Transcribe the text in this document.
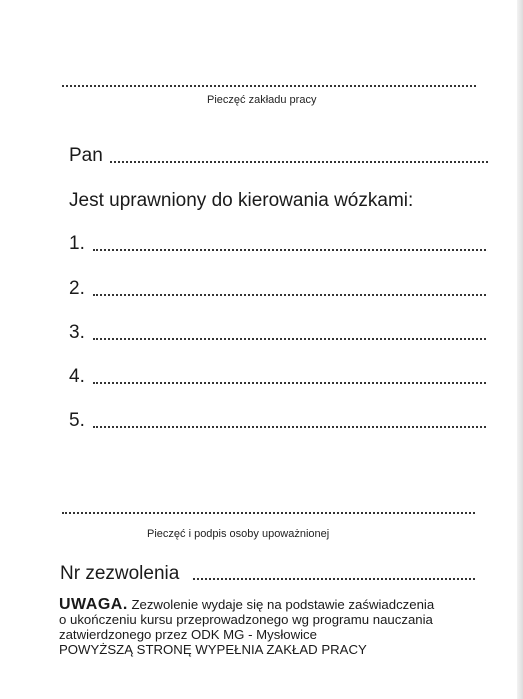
Pieczęć zakładu pracy
Pan
Jest uprawniony do kierowania wózkami:
1.
2.
3.
4.
5.
Pieczęć i podpis osoby upoważnionej
Nr zezwolenia
UWAGA. Zezwolenie wydaje się na podstawie zaświadczenia
o ukończeniu kursu przeprowadzonego wg programu nauczania
zatwierdzonego przez ODK MG - Mysłowice
POWYŻSZĄ STRONĘ WYPEŁNIA ZAKŁAD PRACY
